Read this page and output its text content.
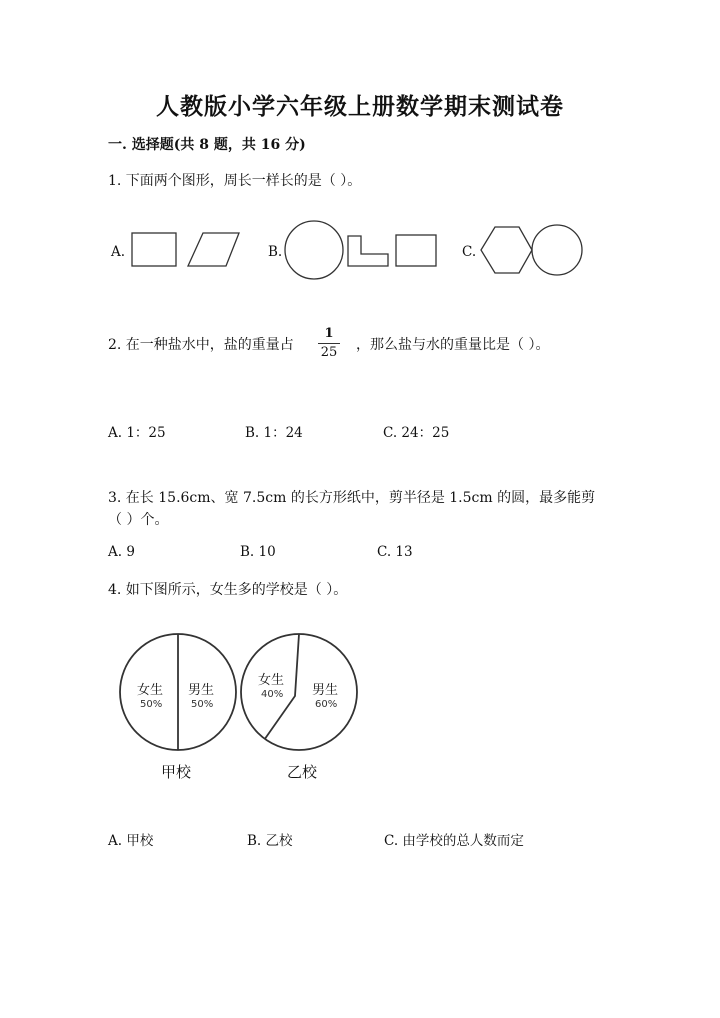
人教版小学六年级上册数学期末测试卷
一. 选择题(共 8 题，共 16 分)
1. 下面两个图形，周长一样长的是（ ）。
A.	B.	C.
2. 在一种盐水中，盐的重量占
1
25 ，那么盐与水的重量比是（ ）。
A. 1：25	B. 1：24	C. 24：25
3. 在长 15.6cm、宽 7.5cm 的长方形纸中，剪半径是 1.5cm 的圆，最多能剪
（ ）个。
A. 9	B. 10	C. 13
4. 如下图所示，女生多的学校是（ ）。
女生
50%
男生
50%
甲校
女生
40% 男生
60%
乙校
A. 甲校	B. 乙校	C. 由学校的总人数而定
